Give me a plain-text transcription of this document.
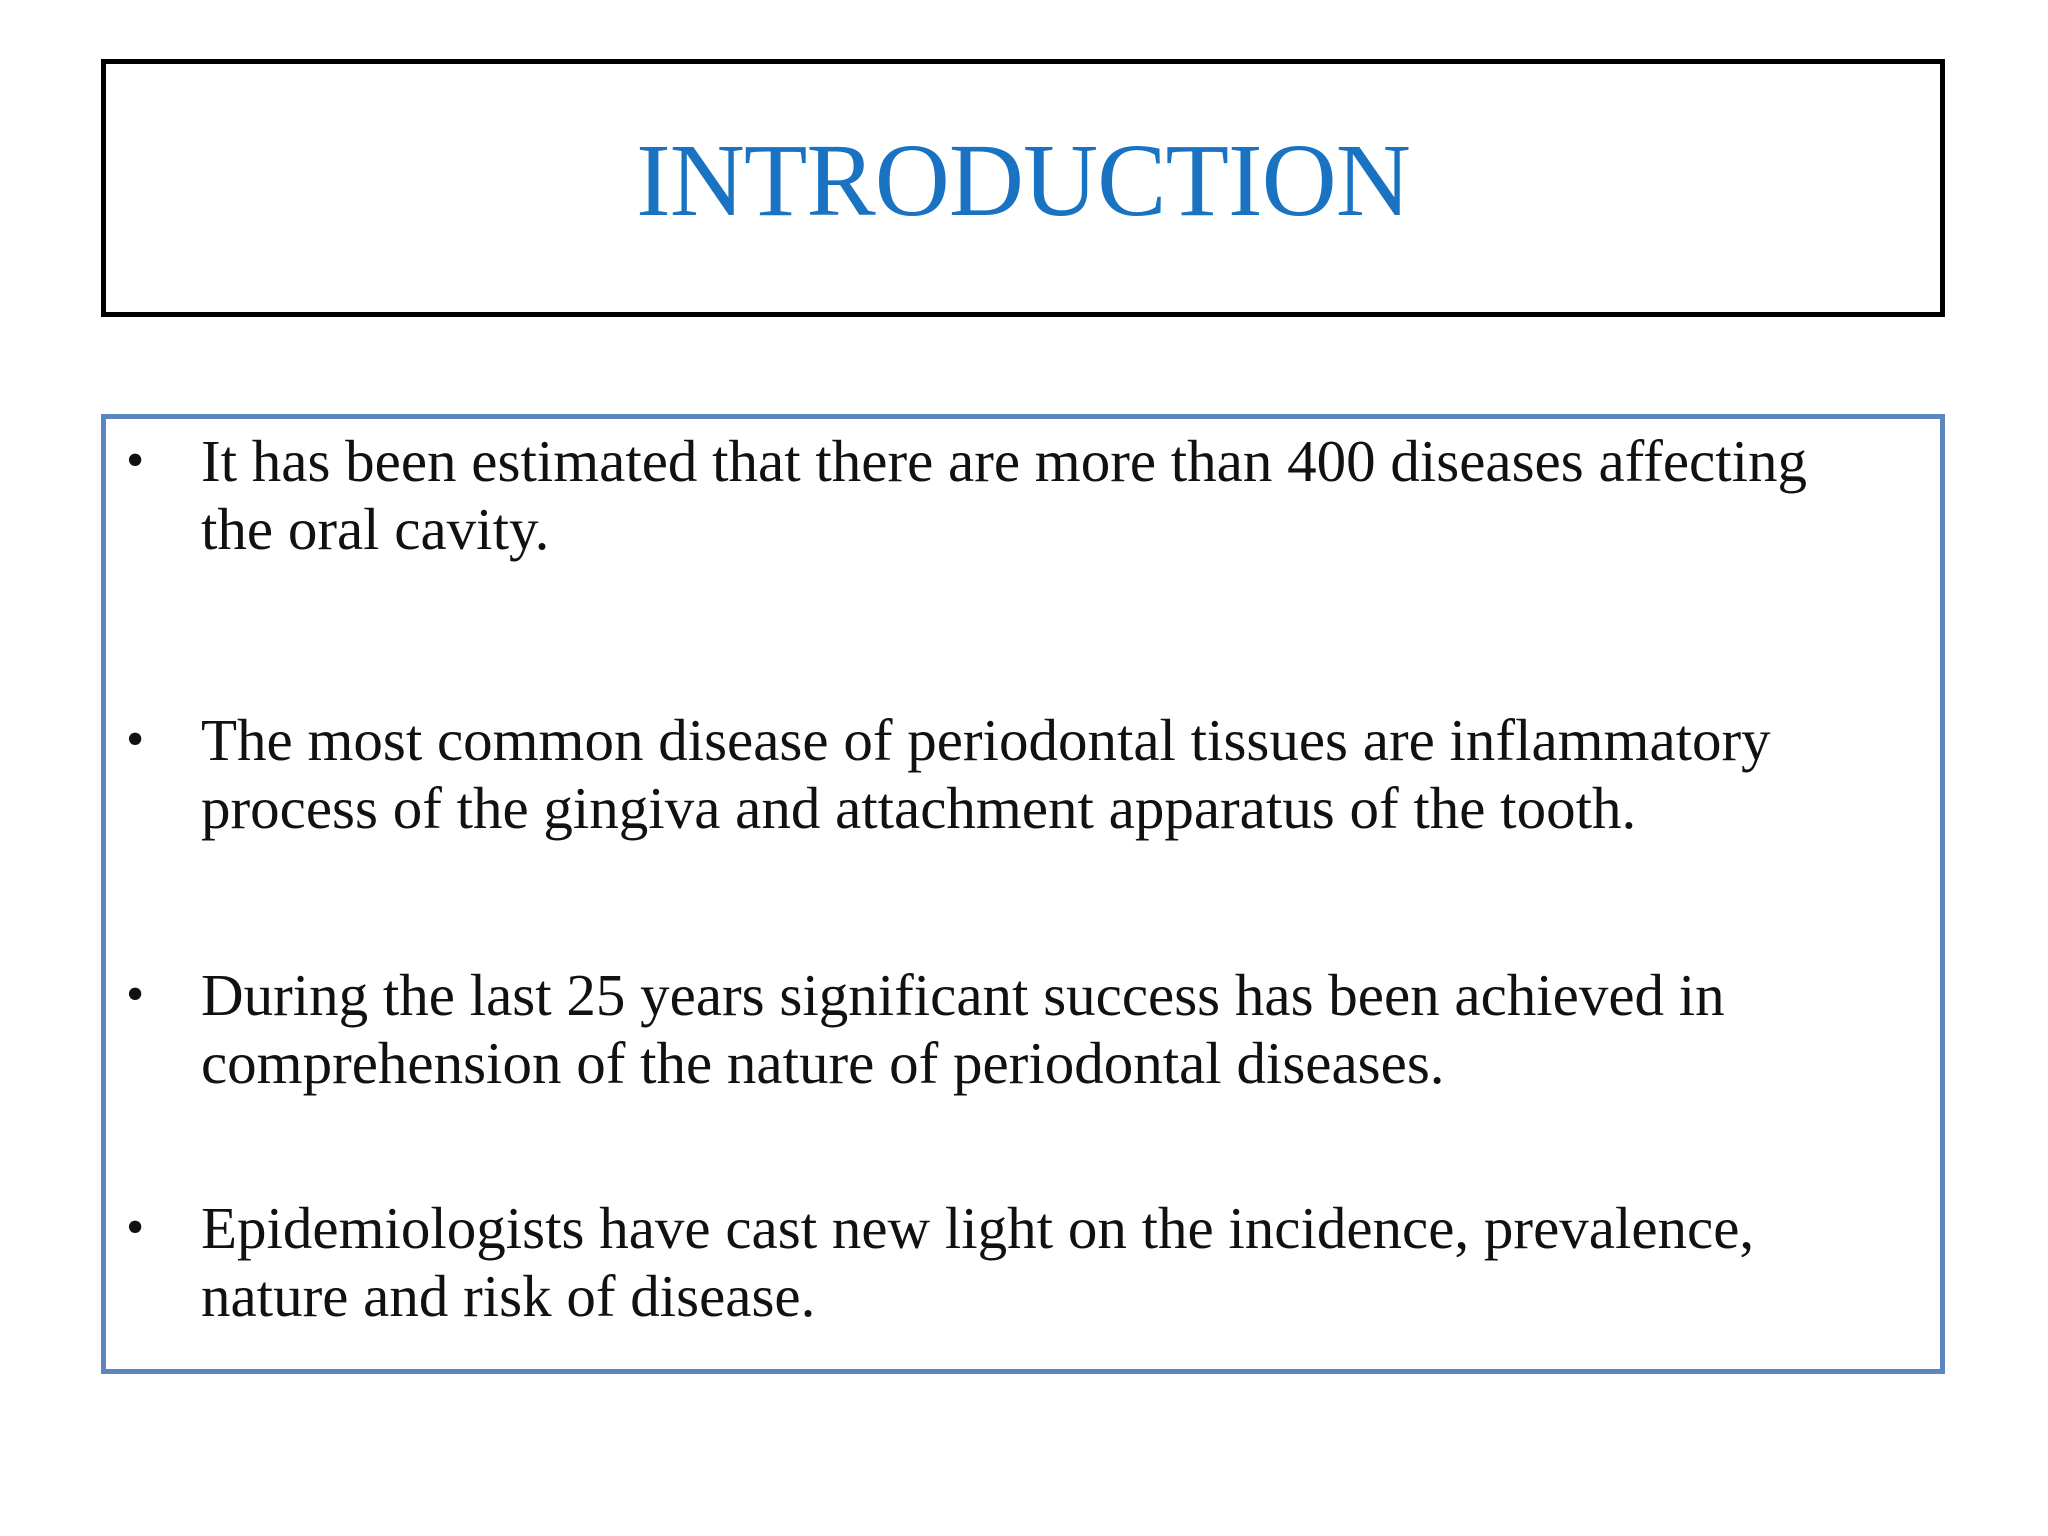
INTRODUCTION
• It has been estimated that there are more than 400 diseases affecting
the oral cavity.
• The most common disease of periodontal tissues are inflammatory
process of the gingiva and attachment apparatus of the tooth.
• During the last 25 years significant success has been achieved in
comprehension of the nature of periodontal diseases.
• Epidemiologists have cast new light on the incidence, prevalence,
nature and risk of disease.
